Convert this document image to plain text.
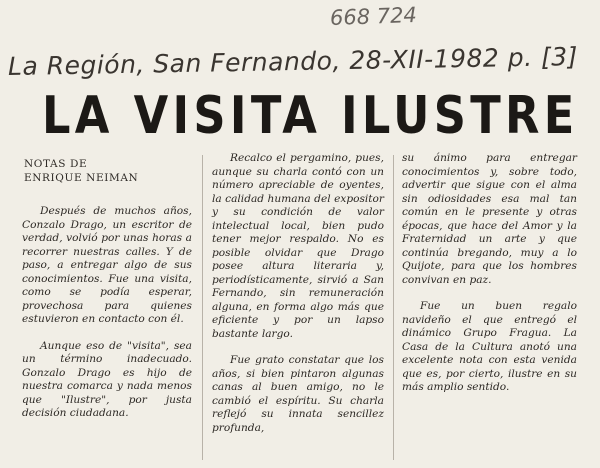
668 724
La Región, San Fernando, 28-XII-1982 p. [3]
LA VISITA ILUSTRE
NOTAS DE
ENRIQUE NEIMAN

Después de muchos años, Conzalo Drago, un escritor de verdad, volvió por unas horas a recorrer nuestras calles. Y de paso, a entregar algo de sus conocimientos. Fue una visita, como se podía esperar, provechosa para quienes estuvieron en contacto con él.

Aunque eso de "visita", sea un término inadecuado. Gonzalo Drago es hijo de nuestra comarca y nada menos que "Ilustre", por justa decisión ciudadana.

Recalco el pergamino, pues, aunque su charla contó con un número apreciable de oyentes, la calidad humana del expositor y su condición de valor intelectual local, bien pudo tener mejor respaldo. No es posible olvidar que Drago posee altura literaria y, periodísticamente, sirvió a San Fernando, sin remuneración alguna, en forma algo más que eficiente y por un lapso bastante largo.

Fue grato constatar que los años, si bien pintaron algunas canas al buen amigo, no le cambió el espíritu. Su charla reflejó su innata sencillez profunda,

su ánimo para entregar conocimientos y, sobre todo, advertir que sigue con el alma sin odiosidades esa mal tan común en le presente y otras épocas, que hace del Amor y la Fraternidad un arte y que continúa bregando, muy a lo Quijote, para que los hombres convivan en paz.

Fue un buen regalo navideño el que entregó el dinámico Grupo Fragua. La Casa de la Cultura anotó una excelente nota con esta venida que es, por cierto, ilustre en su más amplio sentido.
